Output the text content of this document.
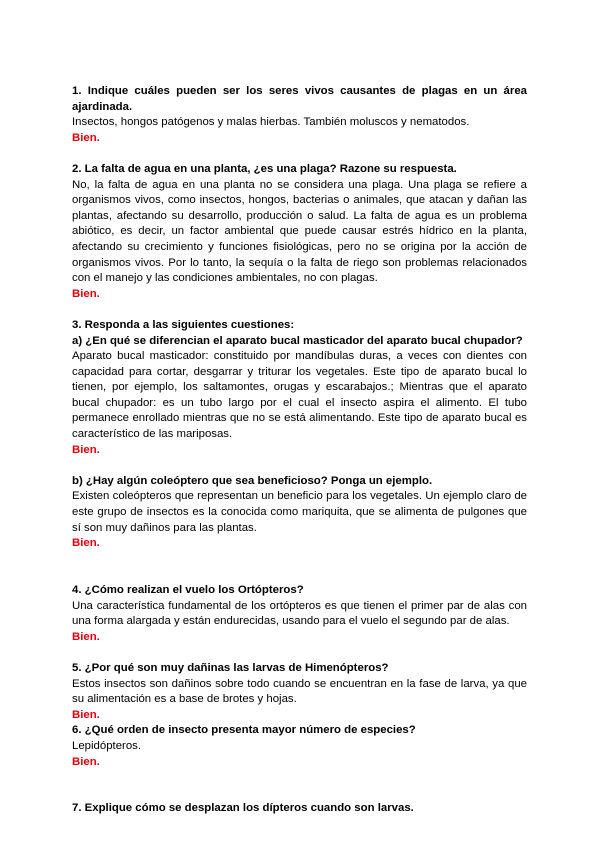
1. Indique cuáles pueden ser los seres vivos causantes de plagas en un área ajardinada.
Insectos, hongos patógenos y malas hierbas. También moluscos y nematodos.
Bien.
2. La falta de agua en una planta, ¿es una plaga? Razone su respuesta.
No, la falta de agua en una planta no se considera una plaga. Una plaga se refiere a organismos vivos, como insectos, hongos, bacterias o animales, que atacan y dañan las plantas, afectando su desarrollo, producción o salud. La falta de agua es un problema abiótico, es decir, un factor ambiental que puede causar estrés hídrico en la planta, afectando su crecimiento y funciones fisiológicas, pero no se origina por la acción de organismos vivos. Por lo tanto, la sequía o la falta de riego son problemas relacionados con el manejo y las condiciones ambientales, no con plagas.
Bien.
3. Responda a las siguientes cuestiones:
a) ¿En qué se diferencian el aparato bucal masticador del aparato bucal chupador?
Aparato bucal masticador: constituido por mandíbulas duras, a veces con dientes con capacidad para cortar, desgarrar y triturar los vegetales. Este tipo de aparato bucal lo tienen, por ejemplo, los saltamontes, orugas y escarabajos.; Mientras que el aparato bucal chupador: es un tubo largo por el cual el insecto aspira el alimento. El tubo permanece enrollado mientras que no se está alimentando. Este tipo de aparato bucal es característico de las mariposas.
Bien.
b) ¿Hay algún coleóptero que sea beneficioso? Ponga un ejemplo.
Existen coleópteros que representan un beneficio para los vegetales. Un ejemplo claro de este grupo de insectos es la conocida como mariquita, que se alimenta de pulgones que sí son muy dañinos para las plantas.
Bien.
4. ¿Cómo realizan el vuelo los Ortópteros?
Una característica fundamental de los ortópteros es que tienen el primer par de alas con una forma alargada y están endurecidas, usando para el vuelo el segundo par de alas.
Bien.
5. ¿Por qué son muy dañinas las larvas de Himenópteros?
Estos insectos son dañinos sobre todo cuando se encuentran en la fase de larva, ya que su alimentación es a base de brotes y hojas.
Bien.
6. ¿Qué orden de insecto presenta mayor número de especies?
Lepidópteros.
Bien.
7. Explique cómo se desplazan los dípteros cuando son larvas.
